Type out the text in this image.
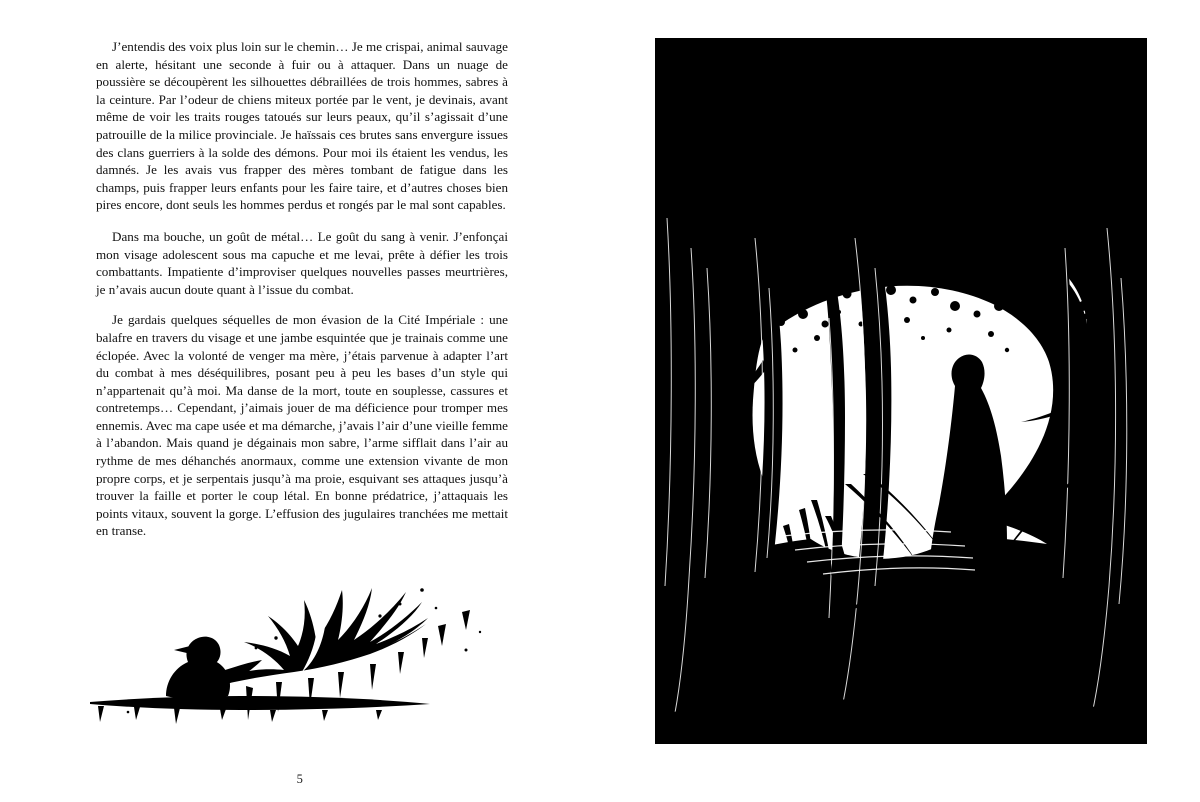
J’entendis des voix plus loin sur le chemin… Je me crispai, animal sauvage en alerte, hésitant une seconde à fuir ou à attaquer. Dans un nuage de poussière se découpèrent les silhouettes débraillées de trois hommes, sabres à la ceinture. Par l’odeur de chiens miteux portée par le vent, je devinais, avant même de voir les traits rouges tatoués sur leurs peaux, qu’il s’agissait d’une patrouille de la milice provinciale. Je haïssais ces brutes sans envergure issues des clans guerriers à la solde des démons. Pour moi ils étaient les vendus, les damnés. Je les avais vus frapper des mères tombant de fatigue dans les champs, puis frapper leurs enfants pour les faire taire, et d’autres choses bien pires encore, dont seuls les hommes perdus et rongés par le mal sont capables.

Dans ma bouche, un goût de métal… Le goût du sang à venir. J’enfonçai mon visage adolescent sous ma capuche et me levai, prête à défier les trois combattants. Impatiente d’improviser quelques nouvelles passes meurtrières, je n’avais aucun doute quant à l’issue du combat.

Je gardais quelques séquelles de mon évasion de la Cité Impériale : une balafre en travers du visage et une jambe esquintée que je trainais comme une éclopée. Avec la volonté de venger ma mère, j’étais parvenue à adapter l’art du combat à mes déséquilibres, posant peu à peu les bases d’un style qui n’appartenait qu’à moi. Ma danse de la mort, toute en souplesse, cassures et contretemps… Cependant, j’aimais jouer de ma déficience pour tromper mes ennemis. Avec ma cape usée et ma démarche, j’avais l’air d’une vieille femme à l’abandon. Mais quand je dégainais mon sabre, l’arme sifflait dans l’air au rythme de mes déhanchés anormaux, comme une extension vivante de mon propre corps, et je serpentais jusqu’à ma proie, esquivant ses attaques jusqu’à trouver la faille et porter le coup létal. En bonne prédatrice, j’attaquais les points vitaux, souvent la gorge. L’effusion des jugulaires tranchées me mettait en transe.

5
